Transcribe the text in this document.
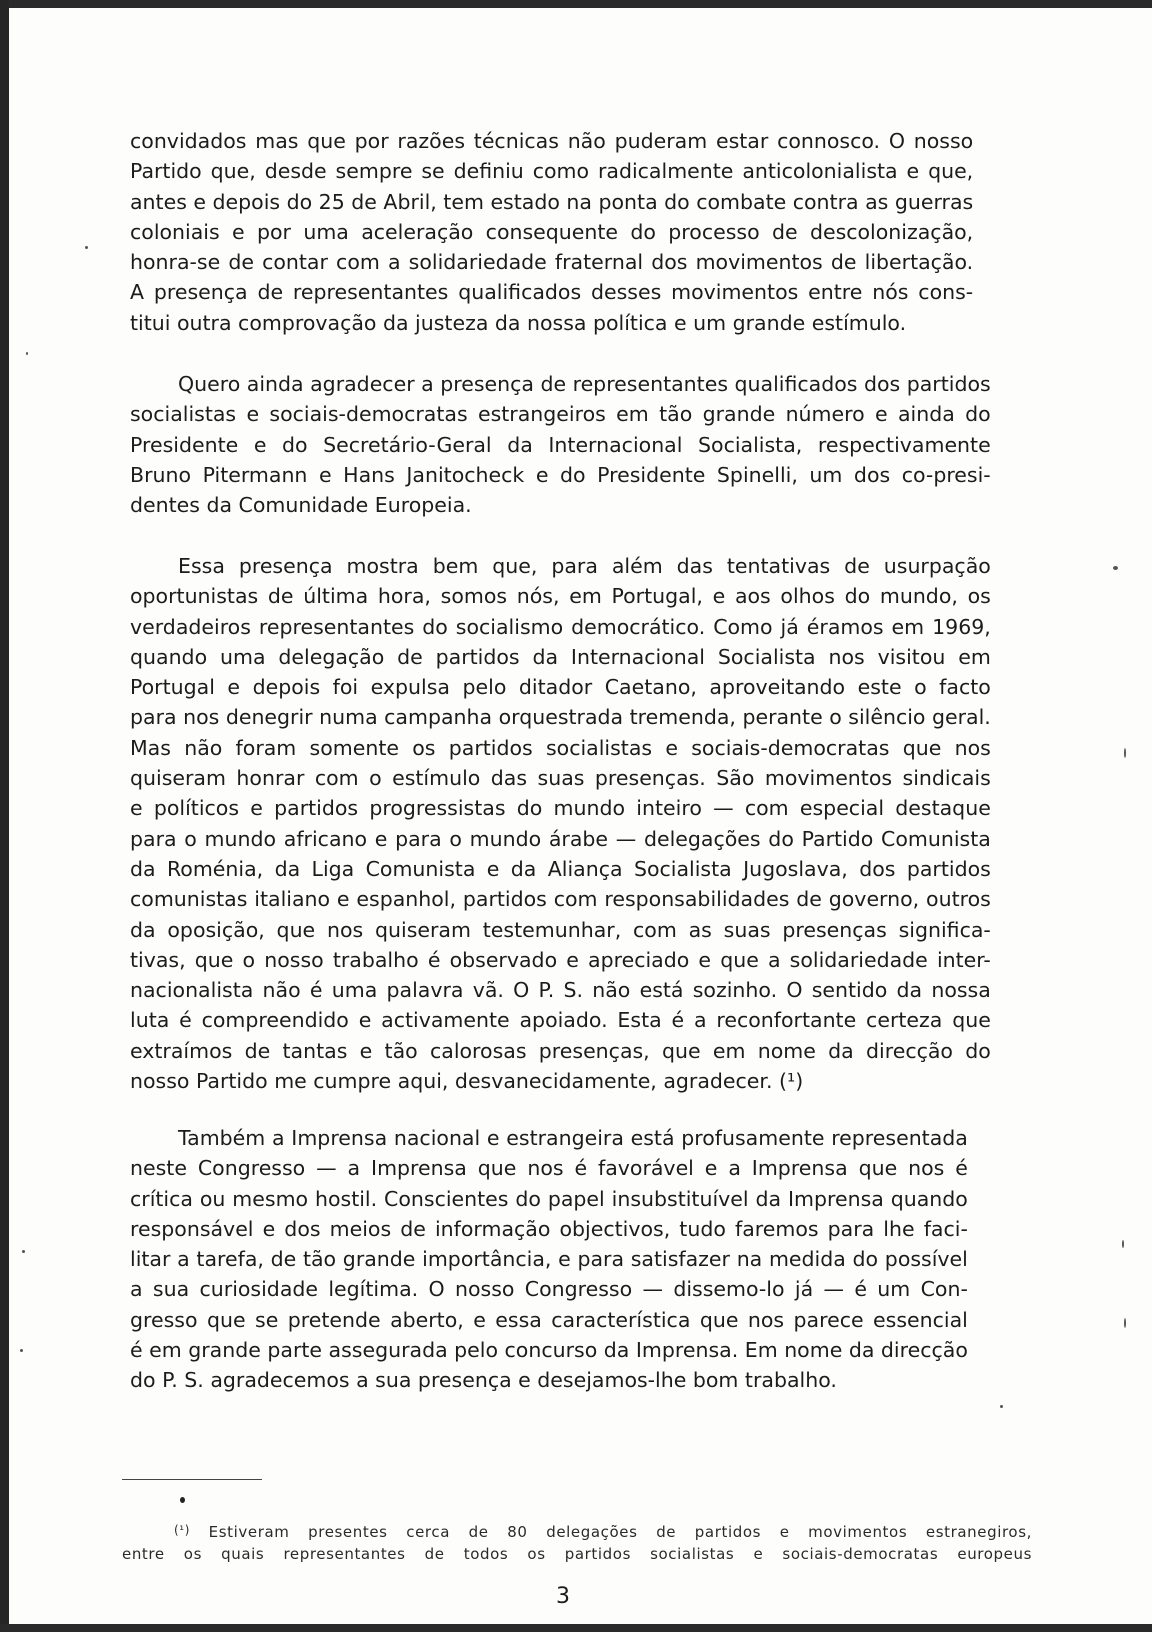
convidados mas que por razões técnicas não puderam estar connosco. O nosso
Partido que, desde sempre se definiu como radicalmente anticolonialista e que,
antes e depois do 25 de Abril, tem estado na ponta do combate contra as guerras
coloniais e por uma aceleração consequente do processo de descolonização,
honra-se de contar com a solidariedade fraternal dos movimentos de libertação.
A presença de representantes qualificados desses movimentos entre nós cons-
titui outra comprovação da justeza da nossa política e um grande estímulo.

Quero ainda agradecer a presença de representantes qualificados dos partidos
socialistas e sociais-democratas estrangeiros em tão grande número e ainda do
Presidente e do Secretário-Geral da Internacional Socialista, respectivamente
Bruno Pitermann e Hans Janitocheck e do Presidente Spinelli, um dos co-presi-
dentes da Comunidade Europeia.

Essa presença mostra bem que, para além das tentativas de usurpação
oportunistas de última hora, somos nós, em Portugal, e aos olhos do mundo, os
verdadeiros representantes do socialismo democrático. Como já éramos em 1969,
quando uma delegação de partidos da Internacional Socialista nos visitou em
Portugal e depois foi expulsa pelo ditador Caetano, aproveitando este o facto
para nos denegrir numa campanha orquestrada tremenda, perante o silêncio geral.
Mas não foram somente os partidos socialistas e sociais-democratas que nos
quiseram honrar com o estímulo das suas presenças. São movimentos sindicais
e políticos e partidos progressistas do mundo inteiro — com especial destaque
para o mundo africano e para o mundo árabe — delegações do Partido Comunista
da Roménia, da Liga Comunista e da Aliança Socialista Jugoslava, dos partidos
comunistas italiano e espanhol, partidos com responsabilidades de governo, outros
da oposição, que nos quiseram testemunhar, com as suas presenças significa-
tivas, que o nosso trabalho é observado e apreciado e que a solidariedade inter-
nacionalista não é uma palavra vã. O P. S. não está sozinho. O sentido da nossa
luta é compreendido e activamente apoiado. Esta é a reconfortante certeza que
extraímos de tantas e tão calorosas presenças, que em nome da direcção do
nosso Partido me cumpre aqui, desvanecidamente, agradecer. (¹)

Também a Imprensa nacional e estrangeira está profusamente representada
neste Congresso — a Imprensa que nos é favorável e a Imprensa que nos é
crítica ou mesmo hostil. Conscientes do papel insubstituível da Imprensa quando
responsável e dos meios de informação objectivos, tudo faremos para lhe faci-
litar a tarefa, de tão grande importância, e para satisfazer na medida do possível
a sua curiosidade legítima. O nosso Congresso — dissemo-lo já — é um Con-
gresso que se pretende aberto, e essa característica que nos parece essencial
é em grande parte assegurada pelo concurso da Imprensa. Em nome da direcção
do P. S. agradecemos a sua presença e desejamos-lhe bom trabalho.

$^{(^1)}$ Estiveram presentes cerca de 80 delegações de partidos e movimentos estranegiros,
entre os quais representantes de todos os partidos socialistas e sociais-democratas europeus
3
